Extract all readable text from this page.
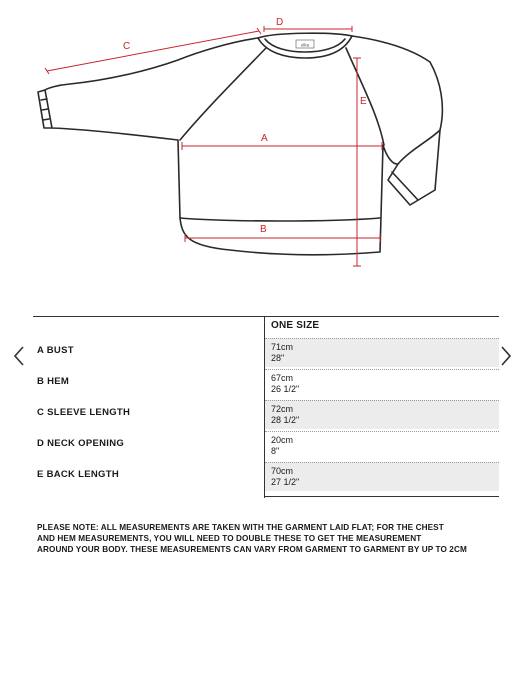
elka
D
C
E
A
B
ONE SIZE
A BUST	71cm
28"
B HEM	67cm
26 1/2"
C SLEEVE LENGTH	72cm
28 1/2"
D NECK OPENING	20cm
8"
E BACK LENGTH	70cm
27 1/2"
PLEASE NOTE: ALL MEASUREMENTS ARE TAKEN WITH THE GARMENT LAID FLAT; FOR THE CHEST
AND HEM MEASUREMENTS, YOU WILL NEED TO DOUBLE THESE TO GET THE MEASUREMENT
AROUND YOUR BODY. THESE MEASUREMENTS CAN VARY FROM GARMENT TO GARMENT BY UP TO 2CM
